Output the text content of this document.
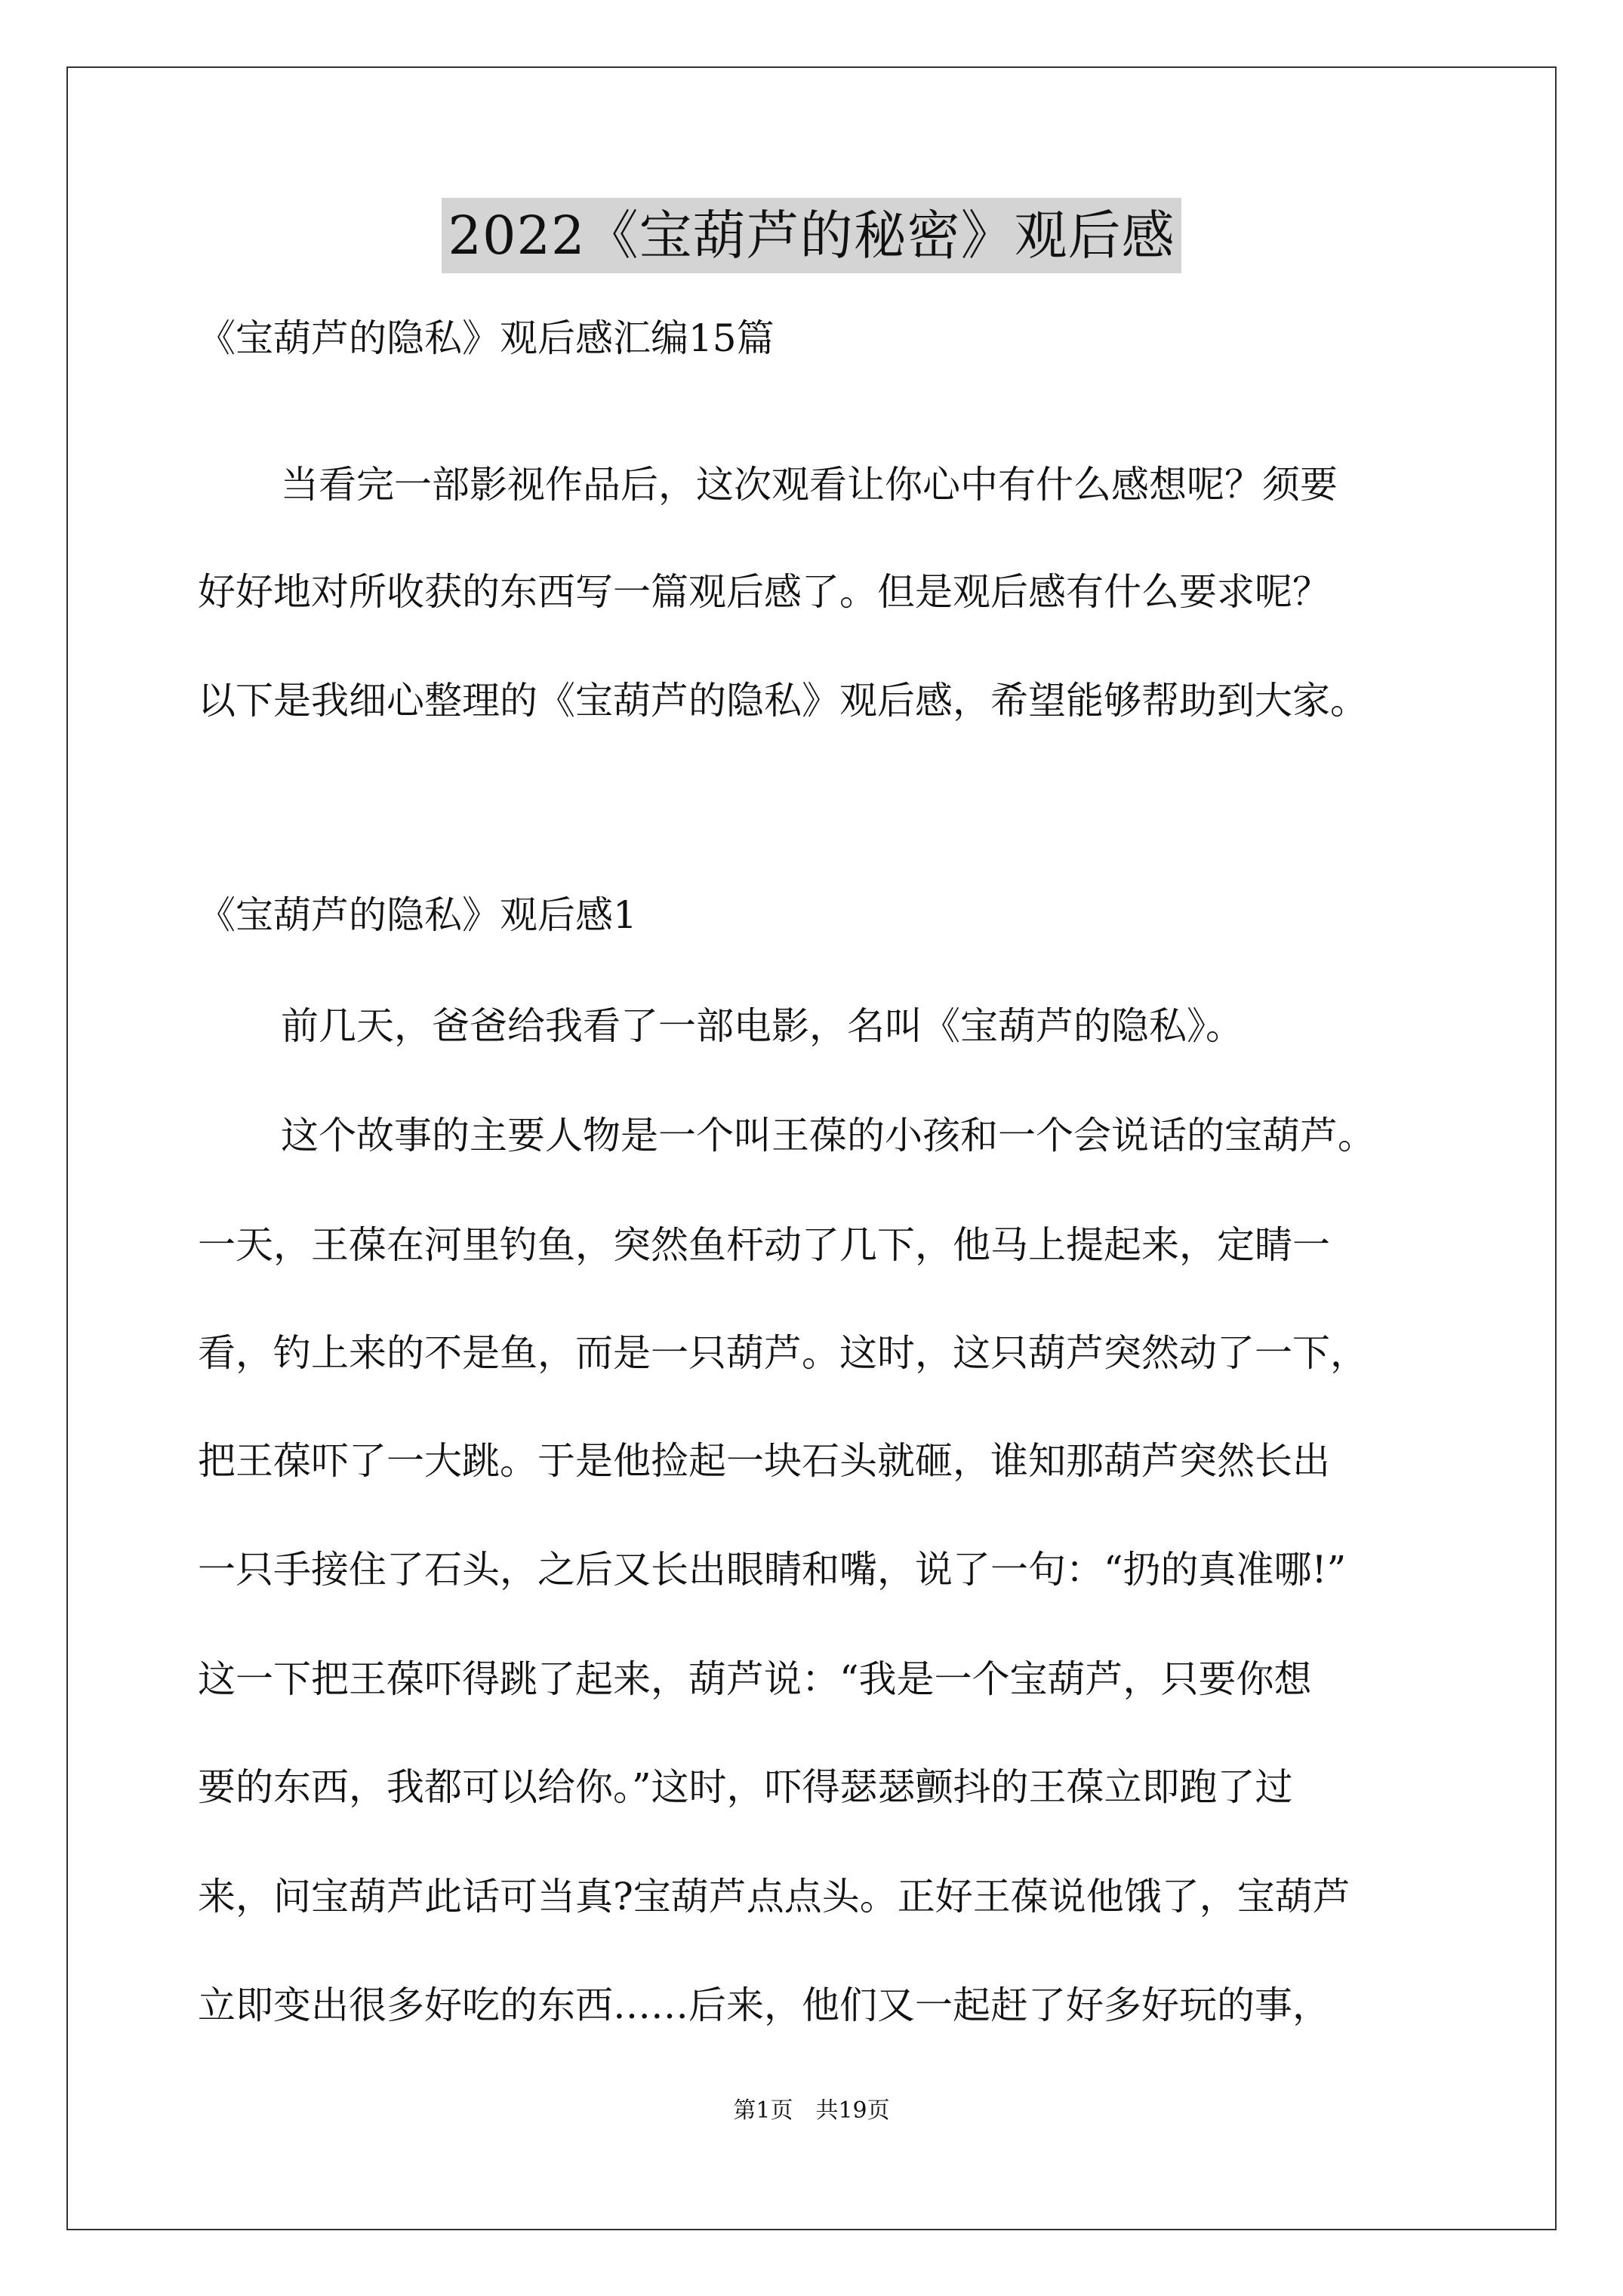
2022《宝葫芦的秘密》观后感
《宝葫芦的隐私》观后感汇编15篇
当看完一部影视作品后，这次观看让你心中有什么感想呢？须要
好好地对所收获的东西写一篇观后感了。但是观后感有什么要求呢？
以下是我细心整理的《宝葫芦的隐私》观后感，希望能够帮助到大家。
《宝葫芦的隐私》观后感1
前几天，爸爸给我看了一部电影，名叫《宝葫芦的隐私》。
这个故事的主要人物是一个叫王葆的小孩和一个会说话的宝葫芦。
一天，王葆在河里钓鱼，突然鱼杆动了几下，他马上提起来，定睛一
看，钓上来的不是鱼，而是一只葫芦。这时，这只葫芦突然动了一下，
把王葆吓了一大跳。于是他捡起一块石头就砸，谁知那葫芦突然长出
一只手接住了石头，之后又长出眼睛和嘴，说了一句：“扔的真准哪!”
这一下把王葆吓得跳了起来，葫芦说：“我是一个宝葫芦，只要你想
要的东西，我都可以给你。”这时，吓得瑟瑟颤抖的王葆立即跑了过
来，问宝葫芦此话可当真?宝葫芦点点头。正好王葆说他饿了，宝葫芦
立即变出很多好吃的东西……后来，他们又一起赶了好多好玩的事，
第1页　共19页
